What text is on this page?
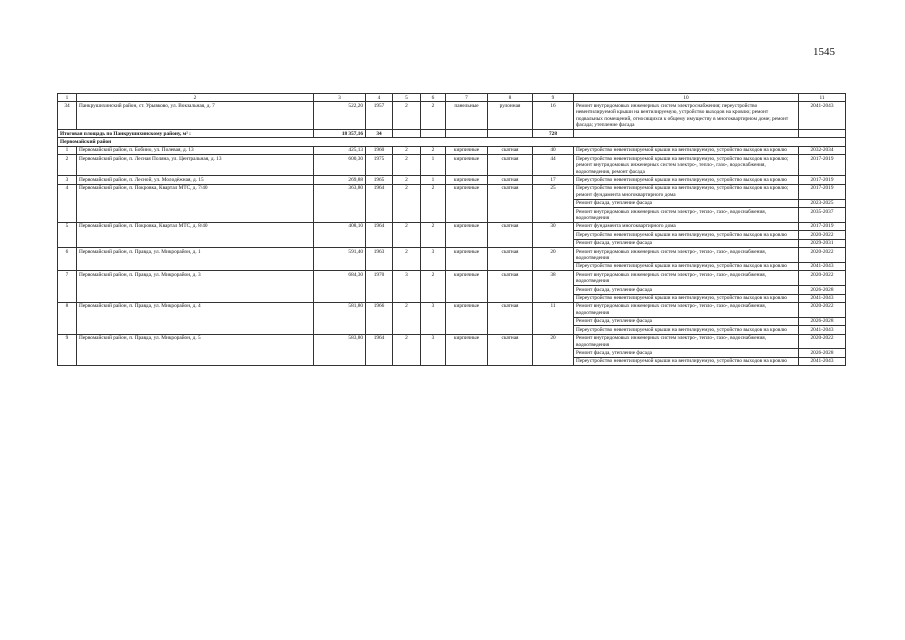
1545
1	2	3	4	5	6	7	8	9	10	11
34	Панкрушихинский район, ст. Урывково, ул. Вокзальная, д. 7	522,20	1957	2	2	панельные	рулонная	16	Ремонт внутридомовых инженерных систем электроснабжения; переустройство невентилируемой крыши на вентилируемую, устройство выходов на кровлю; ремонт подвальных помещений, относящихся к общему имуществу в многоквартирном доме; ремонт фасада; утепление фасада	2041-2043
Итоговая площадь по Панкрушихинскому району, м² :		18 357,16	34					728		
Первомайский район										
1	Первомайский район, п. Бобино, ул. Полевая, д. 13	425,13	1960	2	2	кирпичные	скатная	40	Переустройство невентилируемой крыши на вентилируемую, устройство выходов на кровлю	2032-2034
2	Первомайский район, п. Лесная Поляна, ул. Центральная, д. 13	600,30	1975	2	1	кирпичные	скатная	44	Переустройство невентилируемой крыши на вентилируемую, устройство выходов на кровлю; ремонт внутридомовых инженерных систем электро-, тепло-, газо-, водоснабжения, водоотведения, ремонт фасада	2017-2019
3	Первомайский район, п. Лесной, ул. Молодёжная, д. 15	269,88	1965	2	1	кирпичные	скатная	17	Переустройство невентилируемой крыши на вентилируемую, устройство выходов на кровлю	2017-2019
4	Первомайский район, п. Покровка, Квартал МТС, д. 7/40	363,80	1964	2	2	кирпичные	скатная	25	Переустройство невентилируемой крыши на вентилируемую, устройство выходов на кровлю; ремонт фундамента многоквартирного дома	2017-2019
									Ремонт фасада, утепление фасада	2023-2025
									Ремонт внутридомовых инженерных систем электро-, тепло-, газо-, водоснабжения, водоотведения	2035-2037
5	Первомайский район, п. Покровка, Квартал МТС, д. 8/40	408,10	1964	2	2	кирпичные	скатная	30	Ремонт фундамента многоквартирного дома	2017-2019
									Переустройство невентилируемой крыши на вентилируемую, устройство выходов на кровлю	2020-2022
									Ремонт фасада, утепление фасада	2029-2031
6	Первомайский район, п. Правда, ул. Микрорайон, д. 1	591,40	1963	2	3	кирпичные	скатная	20	Ремонт внутридомовых инженерных систем электро-, тепло-, газо-, водоснабжения, водоотведения	2020-2022
									Переустройство невентилируемой крыши на вентилируемую, устройство выходов на кровлю	2041-2043
7	Первомайский район, п. Правда, ул. Микрорайон, д. 3	684,30	1970	3	2	кирпичные	скатная	38	Ремонт внутридомовых инженерных систем электро-, тепло-, газо-, водоснабжения, водоотведения	2020-2022
									Ремонт фасада, утепление фасада	2026-2028
									Переустройство невентилируемой крыши на вентилируемую, устройство выходов на кровлю	2041-2043
8	Первомайский район, п. Правда, ул. Микрорайон, д. 4	581,80	1966	2	3	кирпичные	скатная	11	Ремонт внутридомовых инженерных систем электро-, тепло-, газо-, водоснабжения, водоотведения	2020-2022
									Ремонт фасада, утепление фасада	2026-2028
									Переустройство невентилируемой крыши на вентилируемую, устройство выходов на кровлю	2041-2043
9	Первомайский район, п. Правда, ул. Микрорайон, д. 5	583,80	1964	2	3	кирпичные	скатная	20	Ремонт внутридомовых инженерных систем электро-, тепло-, газо-, водоснабжения, водоотведения	2020-2022
									Ремонт фасада, утепление фасада	2026-2028
									Переустройство невентилируемой крыши на вентилируемую, устройство выходов на кровлю	2041-2043
